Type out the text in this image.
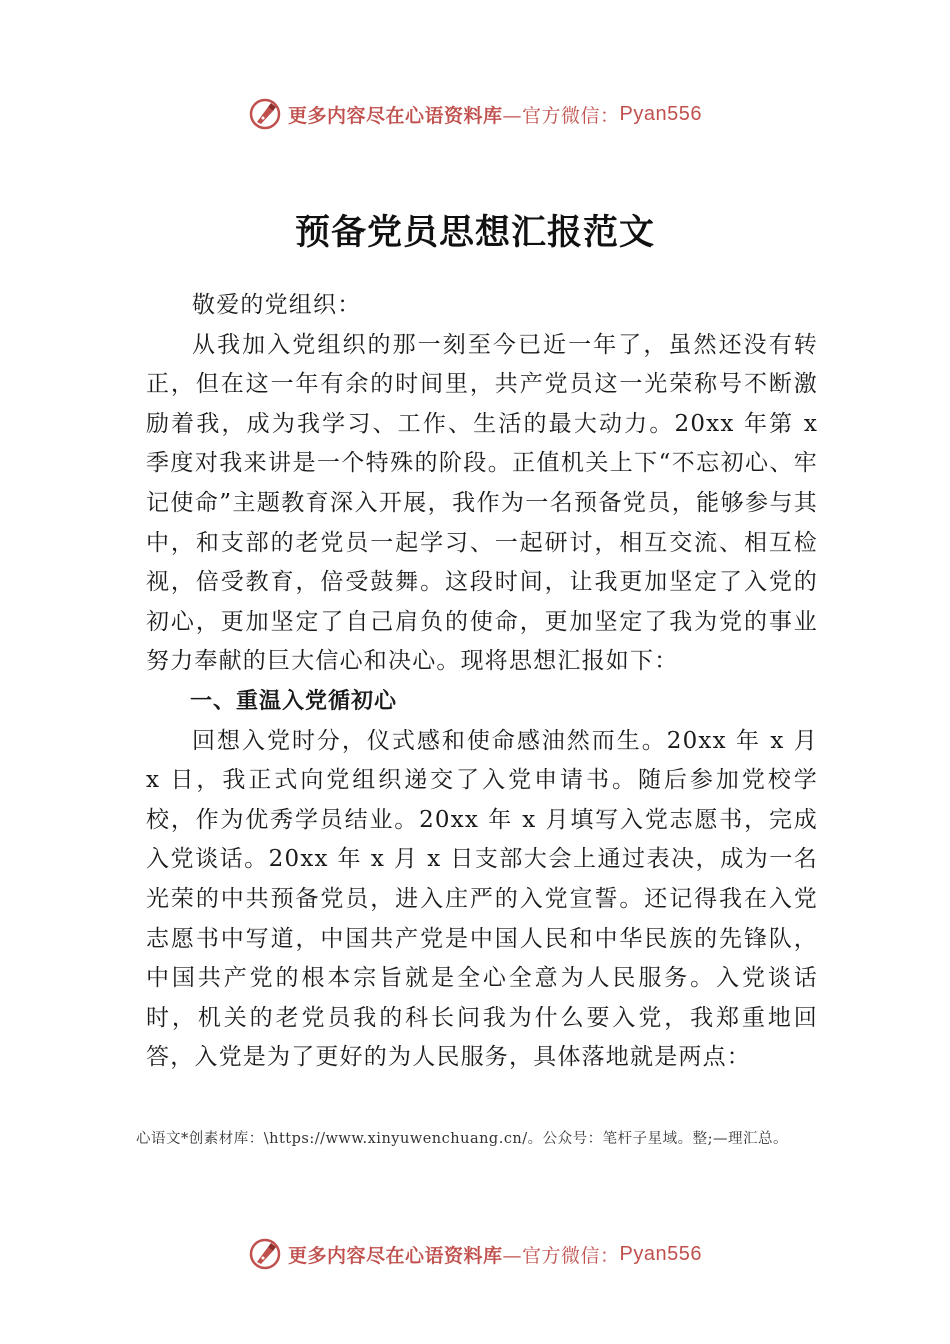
更多内容尽在心语资料库 —官方微信： Pyan556
预备党员思想汇报范文

敬爱的党组织：

从我加入党组织的那一刻至今已近一年了，虽然还没有转正，但在这一年有余的时间里，共产党员这一光荣称号不断激励着我，成为我学习、工作、生活的最大动力。20xx 年第 x 季度对我来讲是一个特殊的阶段。正值机关上下“不忘初心、牢记使命”主题教育深入开展，我作为一名预备党员，能够参与其中，和支部的老党员一起学习、一起研讨，相互交流、相互检视，倍受教育，倍受鼓舞。这段时间，让我更加坚定了入党的初心，更加坚定了自己肩负的使命，更加坚定了我为党的事业努力奉献的巨大信心和决心。现将思想汇报如下：

一、重温入党循初心

回想入党时分，仪式感和使命感油然而生。20xx 年 x 月 x 日，我正式向党组织递交了入党申请书。随后参加党校学校，作为优秀学员结业。20xx 年 x 月填写入党志愿书，完成入党谈话。20xx 年 x 月 x 日支部大会上通过表决，成为一名光荣的中共预备党员，进入庄严的入党宣誓。还记得我在入党志愿书中写道，中国共产党是中国人民和中华民族的先锋队，中国共产党的根本宗旨就是全心全意为人民服务。入党谈话时，机关的老党员我的科长问我为什么要入党，我郑重地回答，入党是为了更好的为人民服务，具体落地就是两点：

心语文*创素材库：\https://www.xinyuwenchuang.cn/。公众号：笔杆子星域。整;—理汇总。
更多内容尽在心语资料库 —官方微信： Pyan556
